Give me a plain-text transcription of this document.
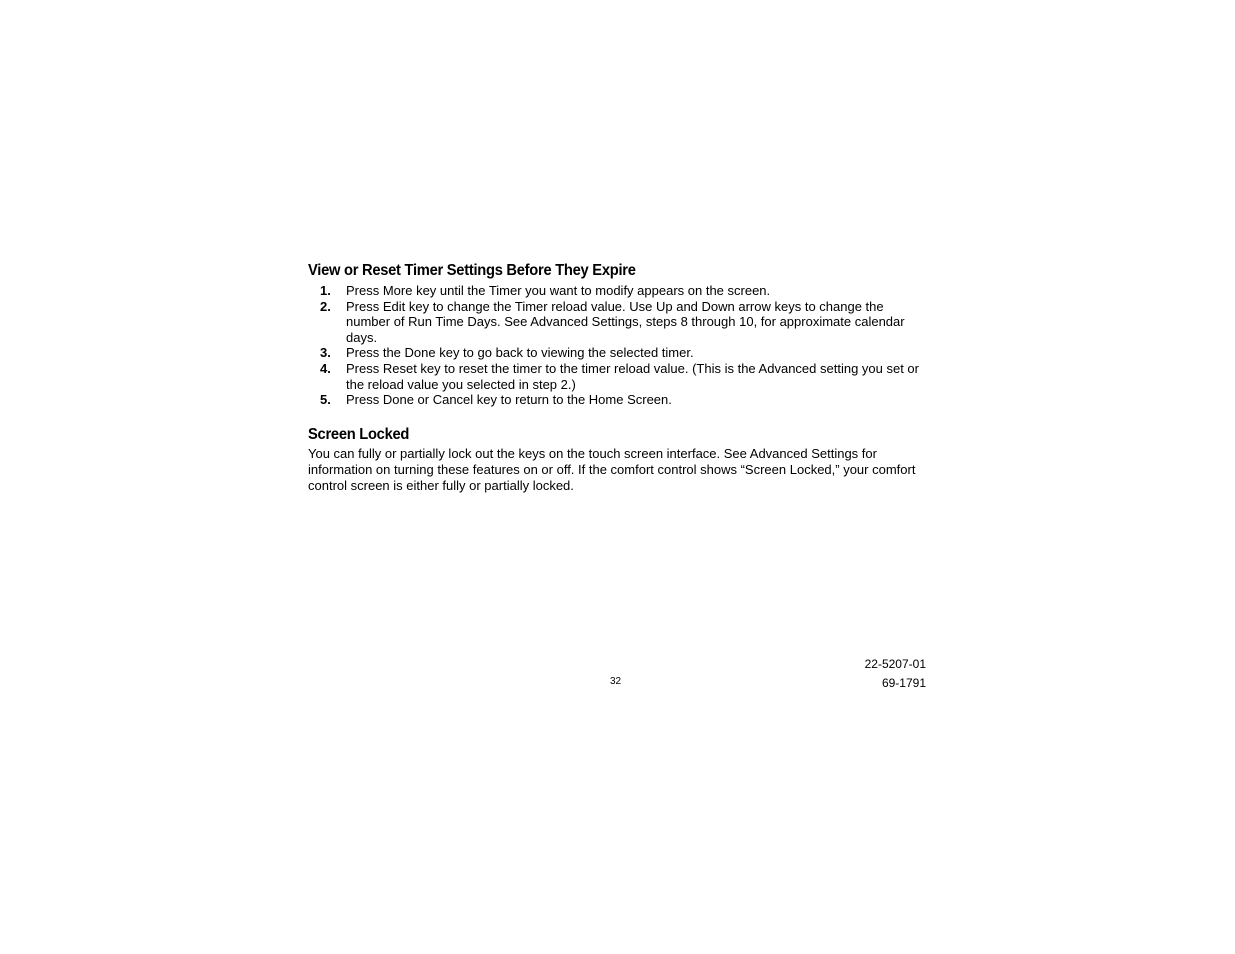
View or Reset Timer Settings Before They Expire
1. Press More key until the Timer you want to modify appears on the screen.
2. Press Edit key to change the Timer reload value. Use Up and Down arrow keys to change the number of Run Time Days. See Advanced Settings, steps 8 through 10, for approximate calendar days.
3. Press the Done key to go back to viewing the selected timer.
4. Press Reset key to reset the timer to the timer reload value. (This is the Advanced setting you set or the reload value you selected in step 2.)
5. Press Done or Cancel key to return to the Home Screen.
Screen Locked

You can fully or partially lock out the keys on the touch screen interface. See Advanced Settings for information on turning these features on or off. If the comfort control shows “Screen Locked,” your comfort control screen is either fully or partially locked.

32
22-5207-01
69-1791
